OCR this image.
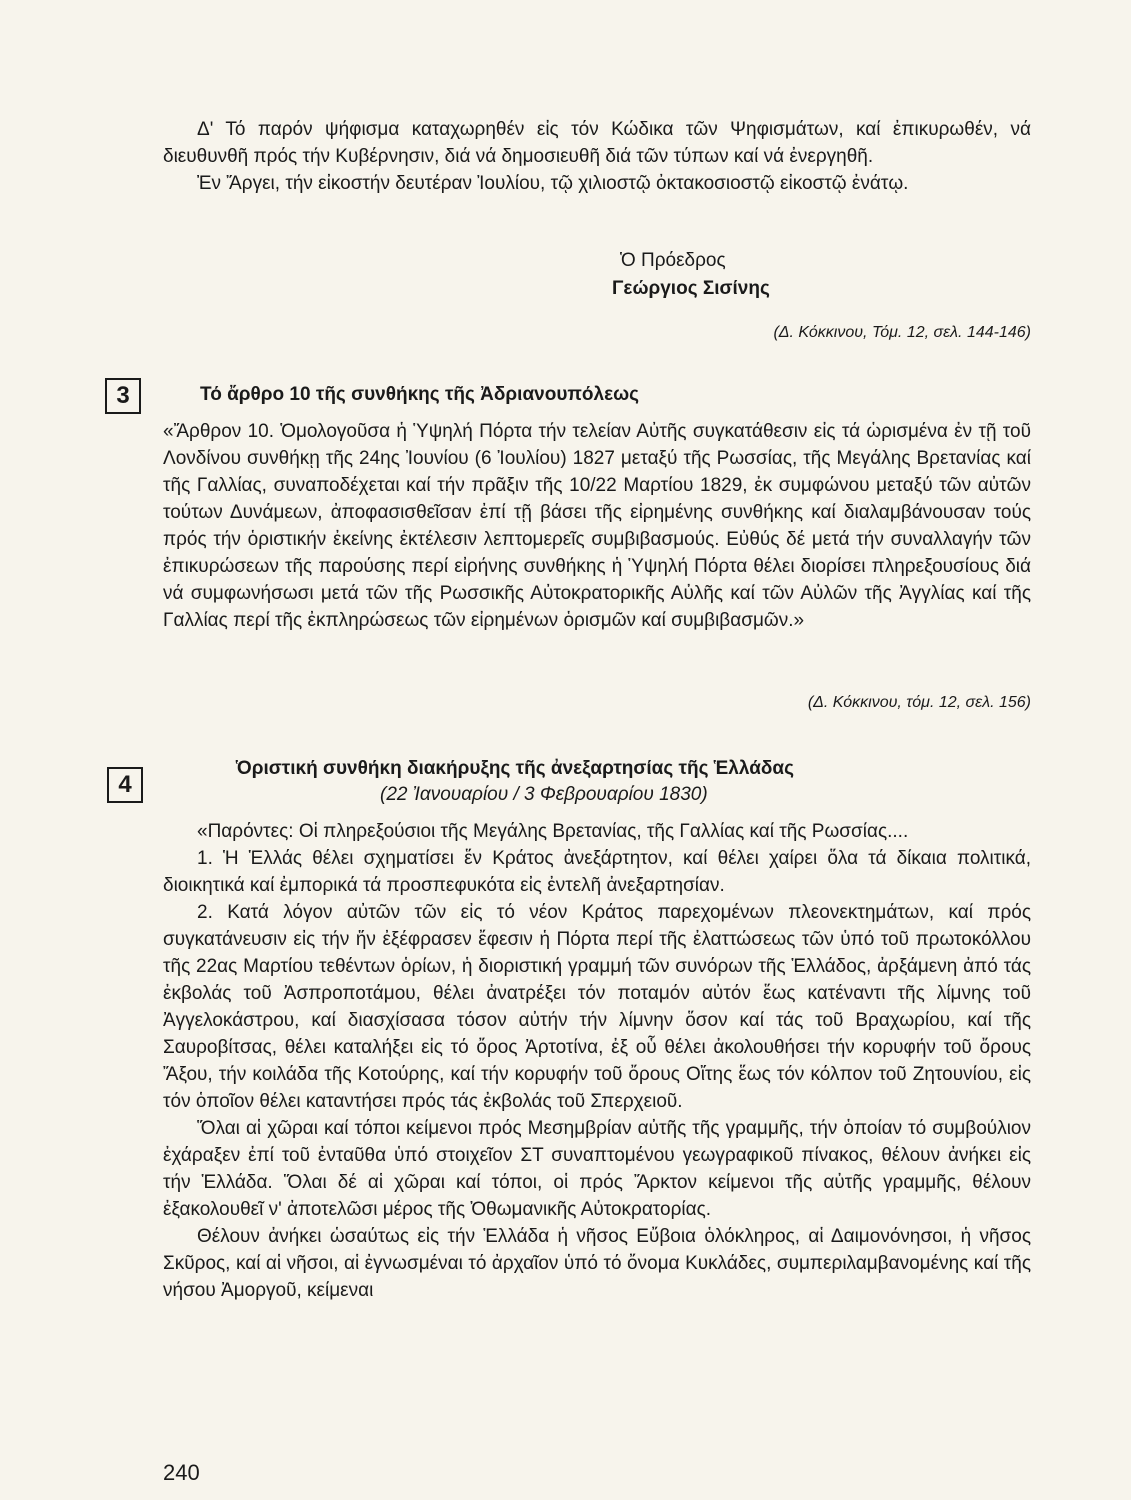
Δ' Τό παρόν ψήφισμα καταχωρηθέν εἰς τόν Κώδικα τῶν Ψηφισμάτων, καί ἐπικυρωθέν, νά διευθυνθῆ πρός τήν Κυβέρνησιν, διά νά δημοσιευθῆ διά τῶν τύπων καί νά ἐνεργηθῆ.

Ἐν Ἄργει, τήν εἰκοστήν δευτέραν Ἰουλίου, τῷ χιλιοστῷ ὀκτακοσιοστῷ εἰκοστῷ ἐνάτῳ.

Ὁ Πρόεδρος
Γεώργιος Σισίνης
(Δ. Κόκκινου, Τόμ. 12, σελ. 144-146)
3	Τό ἄρθρο 10 τῆς συνθήκης τῆς Ἀδριανουπόλεως

«Ἄρθρον 10. Ὁμολογοῦσα ἡ Ὑψηλή Πόρτα τήν τελείαν Αὐτῆς συγκατάθεσιν εἰς τά ὡρισμένα ἐν τῇ τοῦ Λονδίνου συνθήκῃ τῆς 24ης Ἰουνίου (6 Ἰουλίου) 1827 μεταξύ τῆς Ρωσσίας, τῆς Μεγάλης Βρετανίας καί τῆς Γαλλίας, συναποδέχεται καί τήν πρᾶξιν τῆς 10/22 Μαρτίου 1829, ἐκ συμφώνου μεταξύ τῶν αὐτῶν τούτων Δυνάμεων, ἀποφασισθεῖσαν ἐπί τῇ βάσει τῆς εἰρημένης συνθήκης καί διαλαμβάνουσαν τούς πρός τήν ὁριστικήν ἐκείνης ἐκτέλεσιν λεπτομερεῖς συμβιβασμούς. Εὐθύς δέ μετά τήν συναλλαγήν τῶν ἐπικυρώσεων τῆς παρούσης περί εἰρήνης συνθήκης ἡ Ὑψηλή Πόρτα θέλει διορίσει πληρεξουσίους διά νά συμφωνήσωσι μετά τῶν τῆς Ρωσσικῆς Αὐτοκρατορικῆς Αὐλῆς καί τῶν Αὐλῶν τῆς Ἀγγλίας καί τῆς Γαλλίας περί τῆς ἐκπληρώσεως τῶν εἰρημένων ὁρισμῶν καί συμβιβασμῶν.»

(Δ. Κόκκινου, τόμ. 12, σελ. 156)
4
Ὁριστική συνθήκη διακήρυξης τῆς ἀνεξαρτησίας τῆς Ἑλλάδας
(22 Ἰανουαρίου / 3 Φεβρουαρίου 1830)

«Παρόντες: Οἱ πληρεξούσιοι τῆς Μεγάλης Βρετανίας, τῆς Γαλλίας καί τῆς Ρωσσίας....

1. Ἡ Ἑλλάς θέλει σχηματίσει ἕν Κράτος ἀνεξάρτητον, καί θέλει χαίρει ὅλα τά δίκαια πολιτικά, διοικητικά καί ἐμπορικά τά προσπεφυκότα εἰς ἐντελῆ ἀνεξαρτησίαν.

2. Κατά λόγον αὐτῶν τῶν εἰς τό νέον Κράτος παρεχομένων πλεονεκτημάτων, καί πρός συγκατάνευσιν εἰς τήν ἥν ἐξέφρασεν ἔφεσιν ἡ Πόρτα περί τῆς ἐλαττώσεως τῶν ὑπό τοῦ πρωτοκόλλου τῆς 22ας Μαρτίου τεθέντων ὁρίων, ἡ διοριστική γραμμή τῶν συνόρων τῆς Ἑλλάδος, ἀρξάμενη ἀπό τάς ἐκβολάς τοῦ Ἀσπροποτάμου, θέλει ἀνατρέξει τόν ποταμόν αὐτόν ἕως κατέναντι τῆς λίμνης τοῦ Ἀγγελοκάστρου, καί διασχίσασα τόσον αὐτήν τήν λίμνην ὅσον καί τάς τοῦ Βραχωρίου, καί τῆς Σαυροβίτσας, θέλει καταλήξει εἰς τό ὄρος Ἀρτοτίνα, ἐξ οὗ θέλει ἀκολουθήσει τήν κορυφήν τοῦ ὄρους Ἄξου, τήν κοιλάδα τῆς Κοτούρης, καί τήν κορυφήν τοῦ ὄρους Οἴτης ἕως τόν κόλπον τοῦ Ζητουνίου, εἰς τόν ὁποῖον θέλει καταντήσει πρός τάς ἐκβολάς τοῦ Σπερχειοῦ.

Ὅλαι αἱ χῶραι καί τόποι κείμενοι πρός Μεσημβρίαν αὐτῆς τῆς γραμμῆς, τήν ὁποίαν τό συμβούλιον ἐχάραξεν ἐπί τοῦ ἐνταῦθα ὑπό στοιχεῖον ΣΤ συναπτομένου γεωγραφικοῦ πίνακος, θέλουν ἀνήκει εἰς τήν Ἑλλάδα. Ὅλαι δέ αἱ χῶραι καί τόποι, οἱ πρός Ἄρκτον κείμενοι τῆς αὐτῆς γραμμῆς, θέλουν ἐξακολουθεῖ ν' ἀποτελῶσι μέρος τῆς Ὀθωμανικῆς Αὐτοκρατορίας.

Θέλουν ἀνήκει ὡσαύτως εἰς τήν Ἑλλάδα ἡ νῆσος Εὔβοια ὁλόκληρος, αἱ Δαιμονόνησοι, ἡ νῆσος Σκῦρος, καί αἱ νῆσοι, αἱ ἐγνωσμέναι τό ἀρχαῖον ὑπό τό ὄνομα Κυκλάδες, συμπεριλαμβανομένης καί τῆς νήσου Ἀμοργοῦ, κείμεναι

240
